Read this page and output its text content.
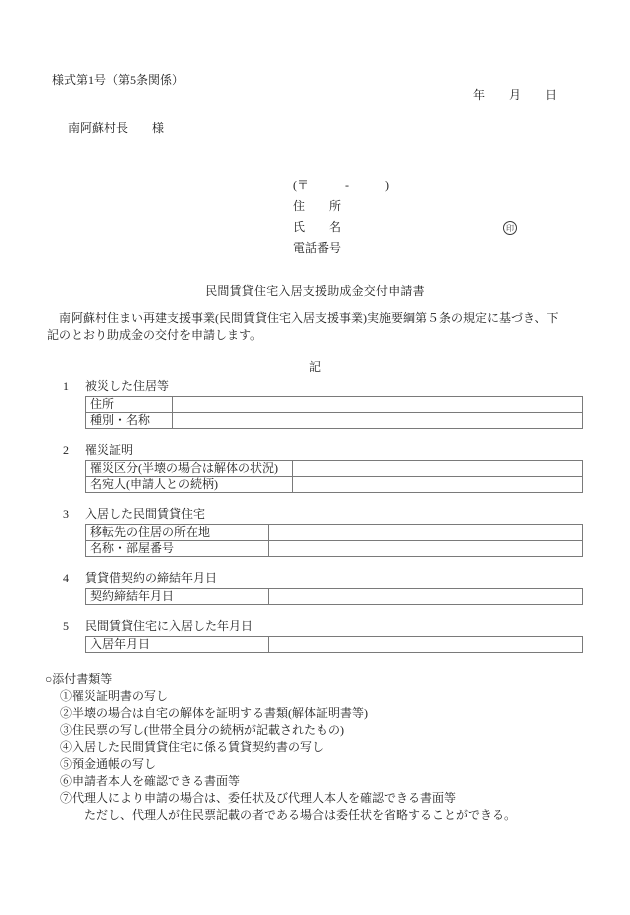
様式第1号（第5条関係）
年　　月　　日
南阿蘇村長　　様
(〒　　　-　　　)
住　　所
氏　　名	印
電話番号
民間賃貸住宅入居支援助成金交付申請書
　南阿蘇村住まい再建支援事業(民間賃貸住宅入居支援事業)実施要綱第５条の規定に基づき、下
記のとおり助成金の交付を申請します。
記
1	被災した住居等
住所	
種別・名称	
2	罹災証明
罹災区分(半壊の場合は解体の状況)	
名宛人(申請人との続柄)	
3	入居した民間賃貸住宅
移転先の住居の所在地	
名称・部屋番号	
4	賃貸借契約の締結年月日
契約締結年月日	
5	民間賃貸住宅に入居した年月日
入居年月日	
○添付書類等
①罹災証明書の写し
②半壊の場合は自宅の解体を証明する書類(解体証明書等)
③住民票の写し(世帯全員分の続柄が記載されたもの)
④入居した民間賃貸住宅に係る賃貸契約書の写し
⑤預金通帳の写し
⑥申請者本人を確認できる書面等
⑦代理人により申請の場合は、委任状及び代理人本人を確認できる書面等
ただし、代理人が住民票記載の者である場合は委任状を省略することができる。
